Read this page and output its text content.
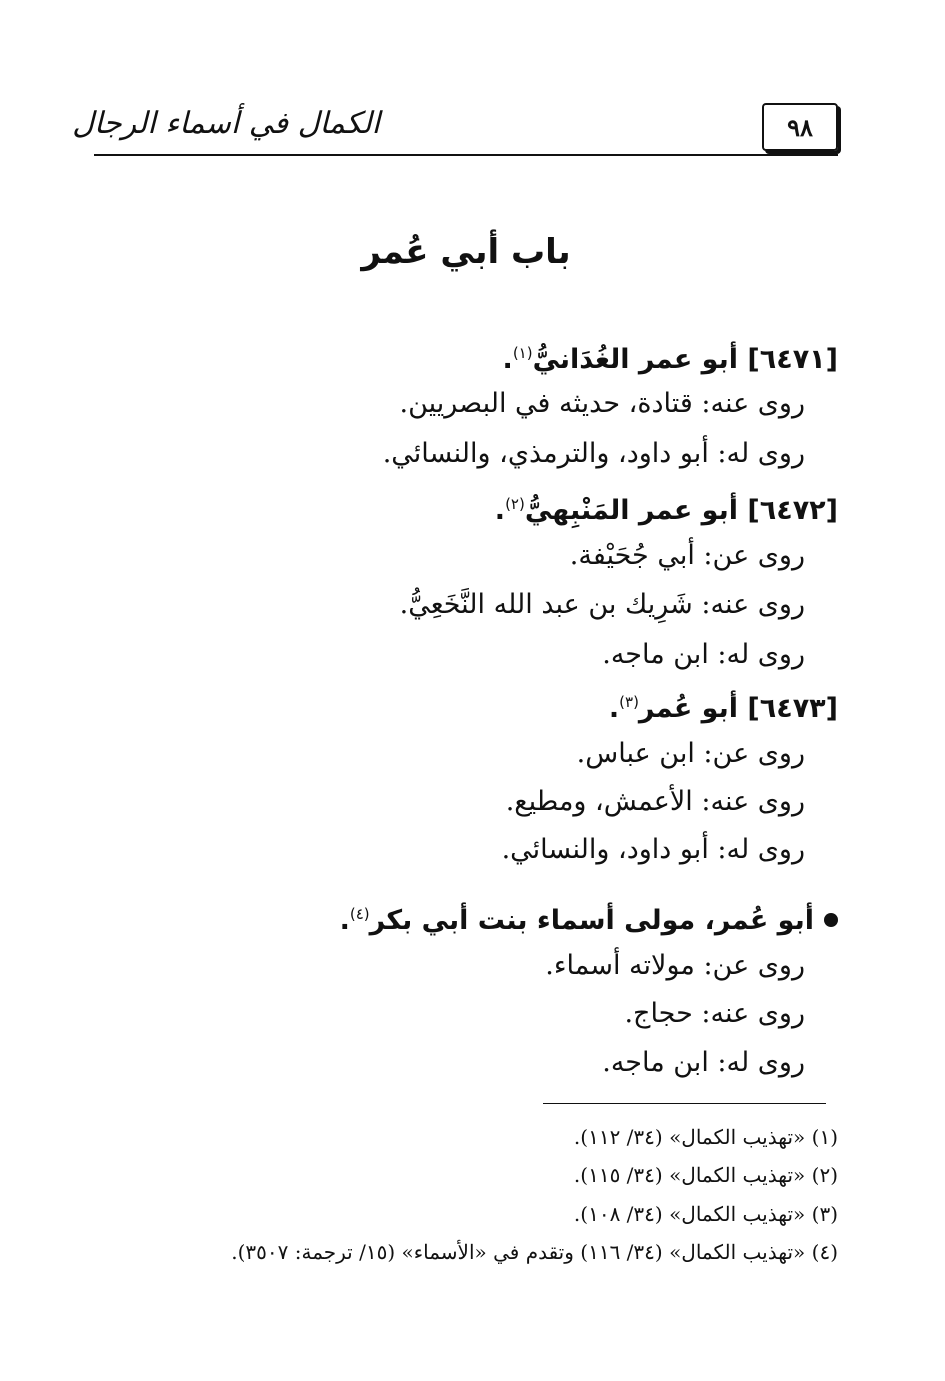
الكمال في أسماء الرجال	٩٨
باب أبي عُمر
[٦٤٧١] أبو عمر الغُدَانيُّ$^{(١)}$.
روى عنه: قتادة، حديثه في البصريين.
روى له: أبو داود، والترمذي، والنسائي.
[٦٤٧٢] أبو عمر المَنْبِهيُّ$^{(٢)}$.
روى عن: أبي جُحَيْفة.
روى عنه: شَرِيك بن عبد الله النَّخَعِيُّ.
روى له: ابن ماجه.
[٦٤٧٣] أبو عُمر$^{(٣)}$.
روى عن: ابن عباس.
روى عنه: الأعمش، ومطيع.
روى له: أبو داود، والنسائي.
أبو عُمر، مولى أسماء بنت أبي بكر$^{(٤)}$.
روى عن: مولاته أسماء.
روى عنه: حجاج.
روى له: ابن ماجه.
(١) «تهذيب الكمال» (٣٤/ ١١٢).
(٢) «تهذيب الكمال» (٣٤/ ١١٥).
(٣) «تهذيب الكمال» (٣٤/ ١٠٨).
(٤) «تهذيب الكمال» (٣٤/ ١١٦) وتقدم في «الأسماء» (١٥/ ترجمة: ٣٥٠٧).
